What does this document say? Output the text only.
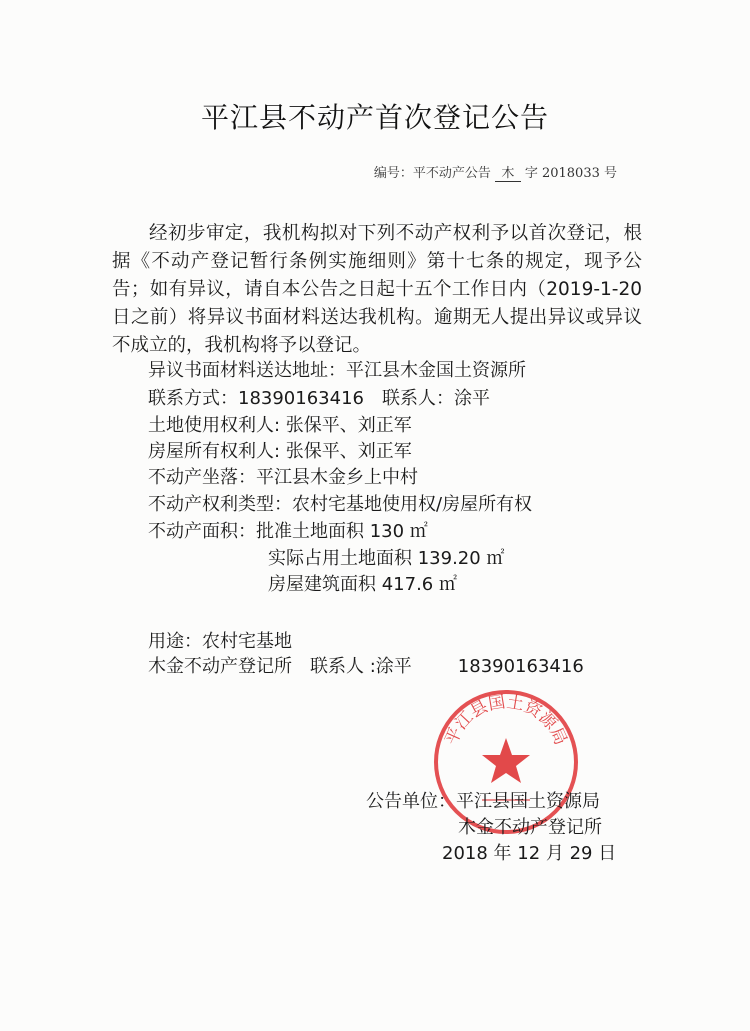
平江县不动产首次登记公告
编号：平不动产公告 木 字 2018033 号

经初步审定，我机构拟对下列不动产权利予以首次登记，根据《不动产登记暂行条例实施细则》第十七条的规定，现予公告；如有异议，请自本公告之日起十五个工作日内（2019-1-20 日之前）将异议书面材料送达我机构。逾期无人提出异议或异议不成立的，我机构将予以登记。

异议书面材料送达地址：平江县木金国土资源所
联系方式：18390163416 联系人：涂平
土地使用权利人: 张保平、刘正军
房屋所有权利人: 张保平、刘正军
不动产坐落：平江县木金乡上中村
不动产权利类型：农村宅基地使用权/房屋所有权
不动产面积：批准土地面积 130 ㎡
实际占用土地面积 139.20 ㎡
房屋建筑面积 417.6 ㎡
用途：农村宅基地
木金不动产登记所 联系人 :涂平	18390163416
平江县国土资源局
公告单位：平江县国土资源局
木金不动产登记所
2018 年 12 月 29 日
